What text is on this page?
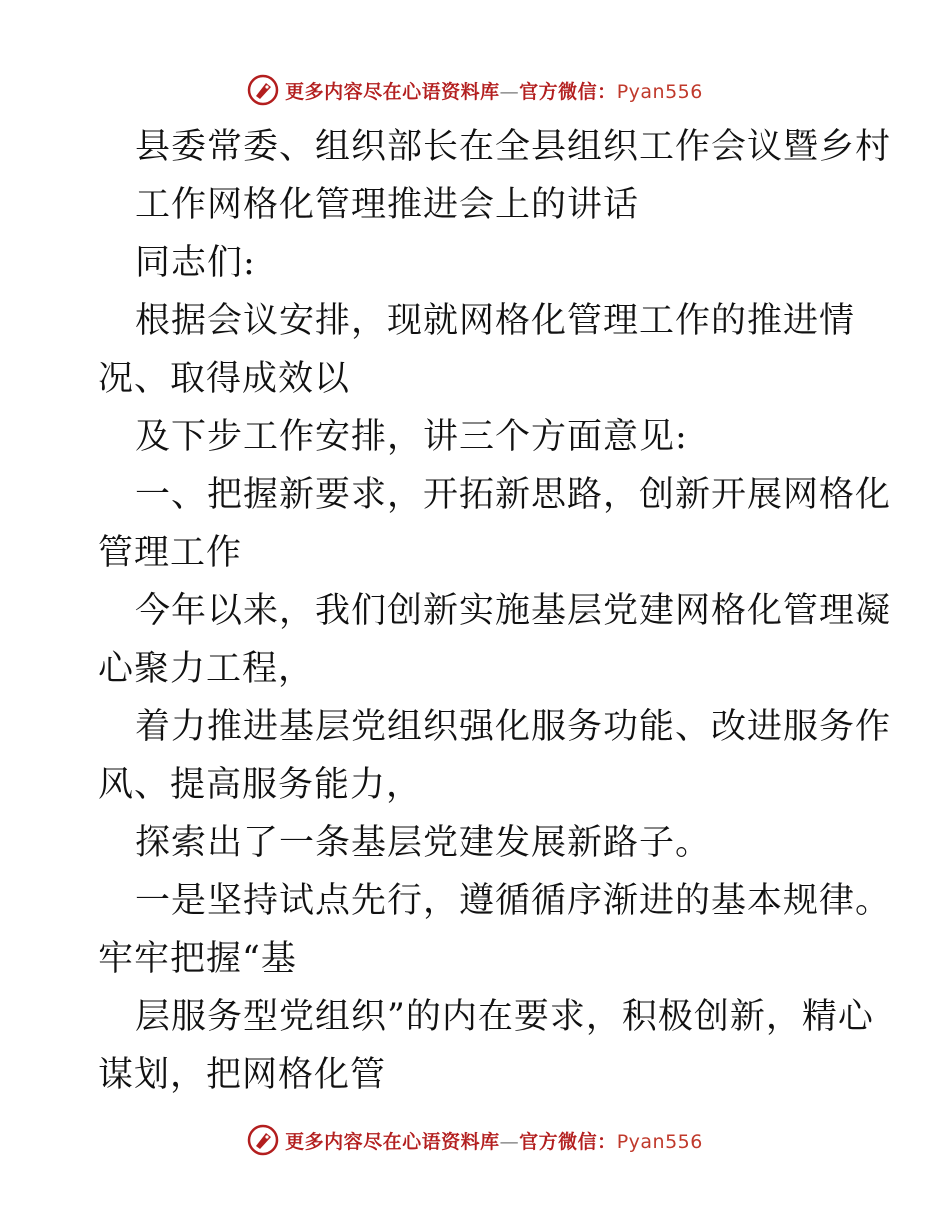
更多内容尽在心语资料库—官方微信：Pyan556
县委常委、组织部长在全县组织工作会议暨乡村
工作网格化管理推进会上的讲话
同志们:
根据会议安排，现就网格化管理工作的推进情
况、取得成效以
及下步工作安排，讲三个方面意见:
一、把握新要求，开拓新思路，创新开展网格化
管理工作
今年以来，我们创新实施基层党建网格化管理凝
心聚力工程，
着力推进基层党组织强化服务功能、改进服务作
风、提高服务能力，
探索出了一条基层党建发展新路子。
一是坚持试点先行，遵循循序渐进的基本规律。
牢牢把握“基
层服务型党组织”的内在要求，积极创新，精心
谋划，把网格化管
更多内容尽在心语资料库—官方微信：Pyan556
